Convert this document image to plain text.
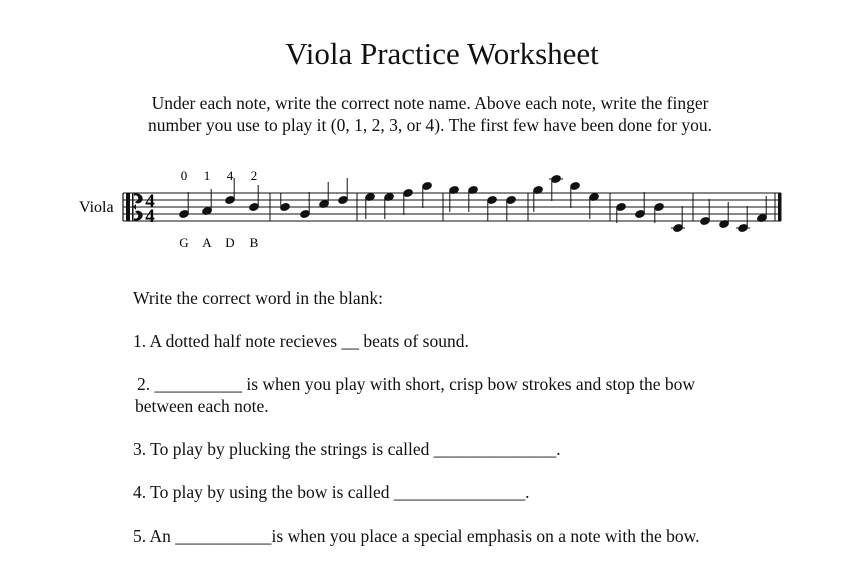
Viola Practice Worksheet
Under each note, write the correct note name. Above each note, write the finger
number you use to play it (0, 1, 2, 3, or 4). The first few have been done for you.
Viola 4
4
0 1 4 2
G A D B
Write the correct word in the blank:
1. A dotted half note recieves __ beats of sound.
2. __________ is when you play with short, crisp bow strokes and stop the bow
between each note.
3. To play by plucking the strings is called ______________.
4. To play by using the bow is called _______________.
5. An ___________is when you place a special emphasis on a note with the bow.
